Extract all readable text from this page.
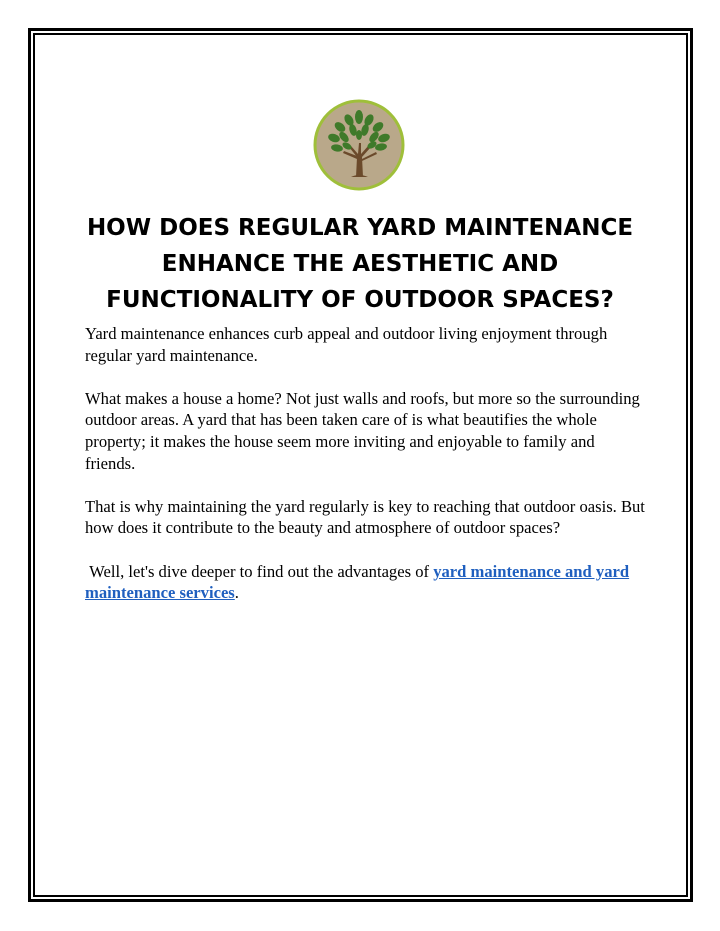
HOW DOES REGULAR YARD MAINTENANCE
ENHANCE THE AESTHETIC AND
FUNCTIONALITY OF OUTDOOR SPACES?

Yard maintenance enhances curb appeal and outdoor living enjoyment through regular yard maintenance.

What makes a house a home? Not just walls and roofs, but more so the surrounding outdoor areas. A yard that has been taken care of is what beautifies the whole property; it makes the house seem more inviting and enjoyable to family and friends.

That is why maintaining the yard regularly is key to reaching that outdoor oasis. But how does it contribute to the beauty and atmosphere of outdoor spaces?

Well, let's dive deeper to find out the advantages of yard maintenance and yard maintenance services.
